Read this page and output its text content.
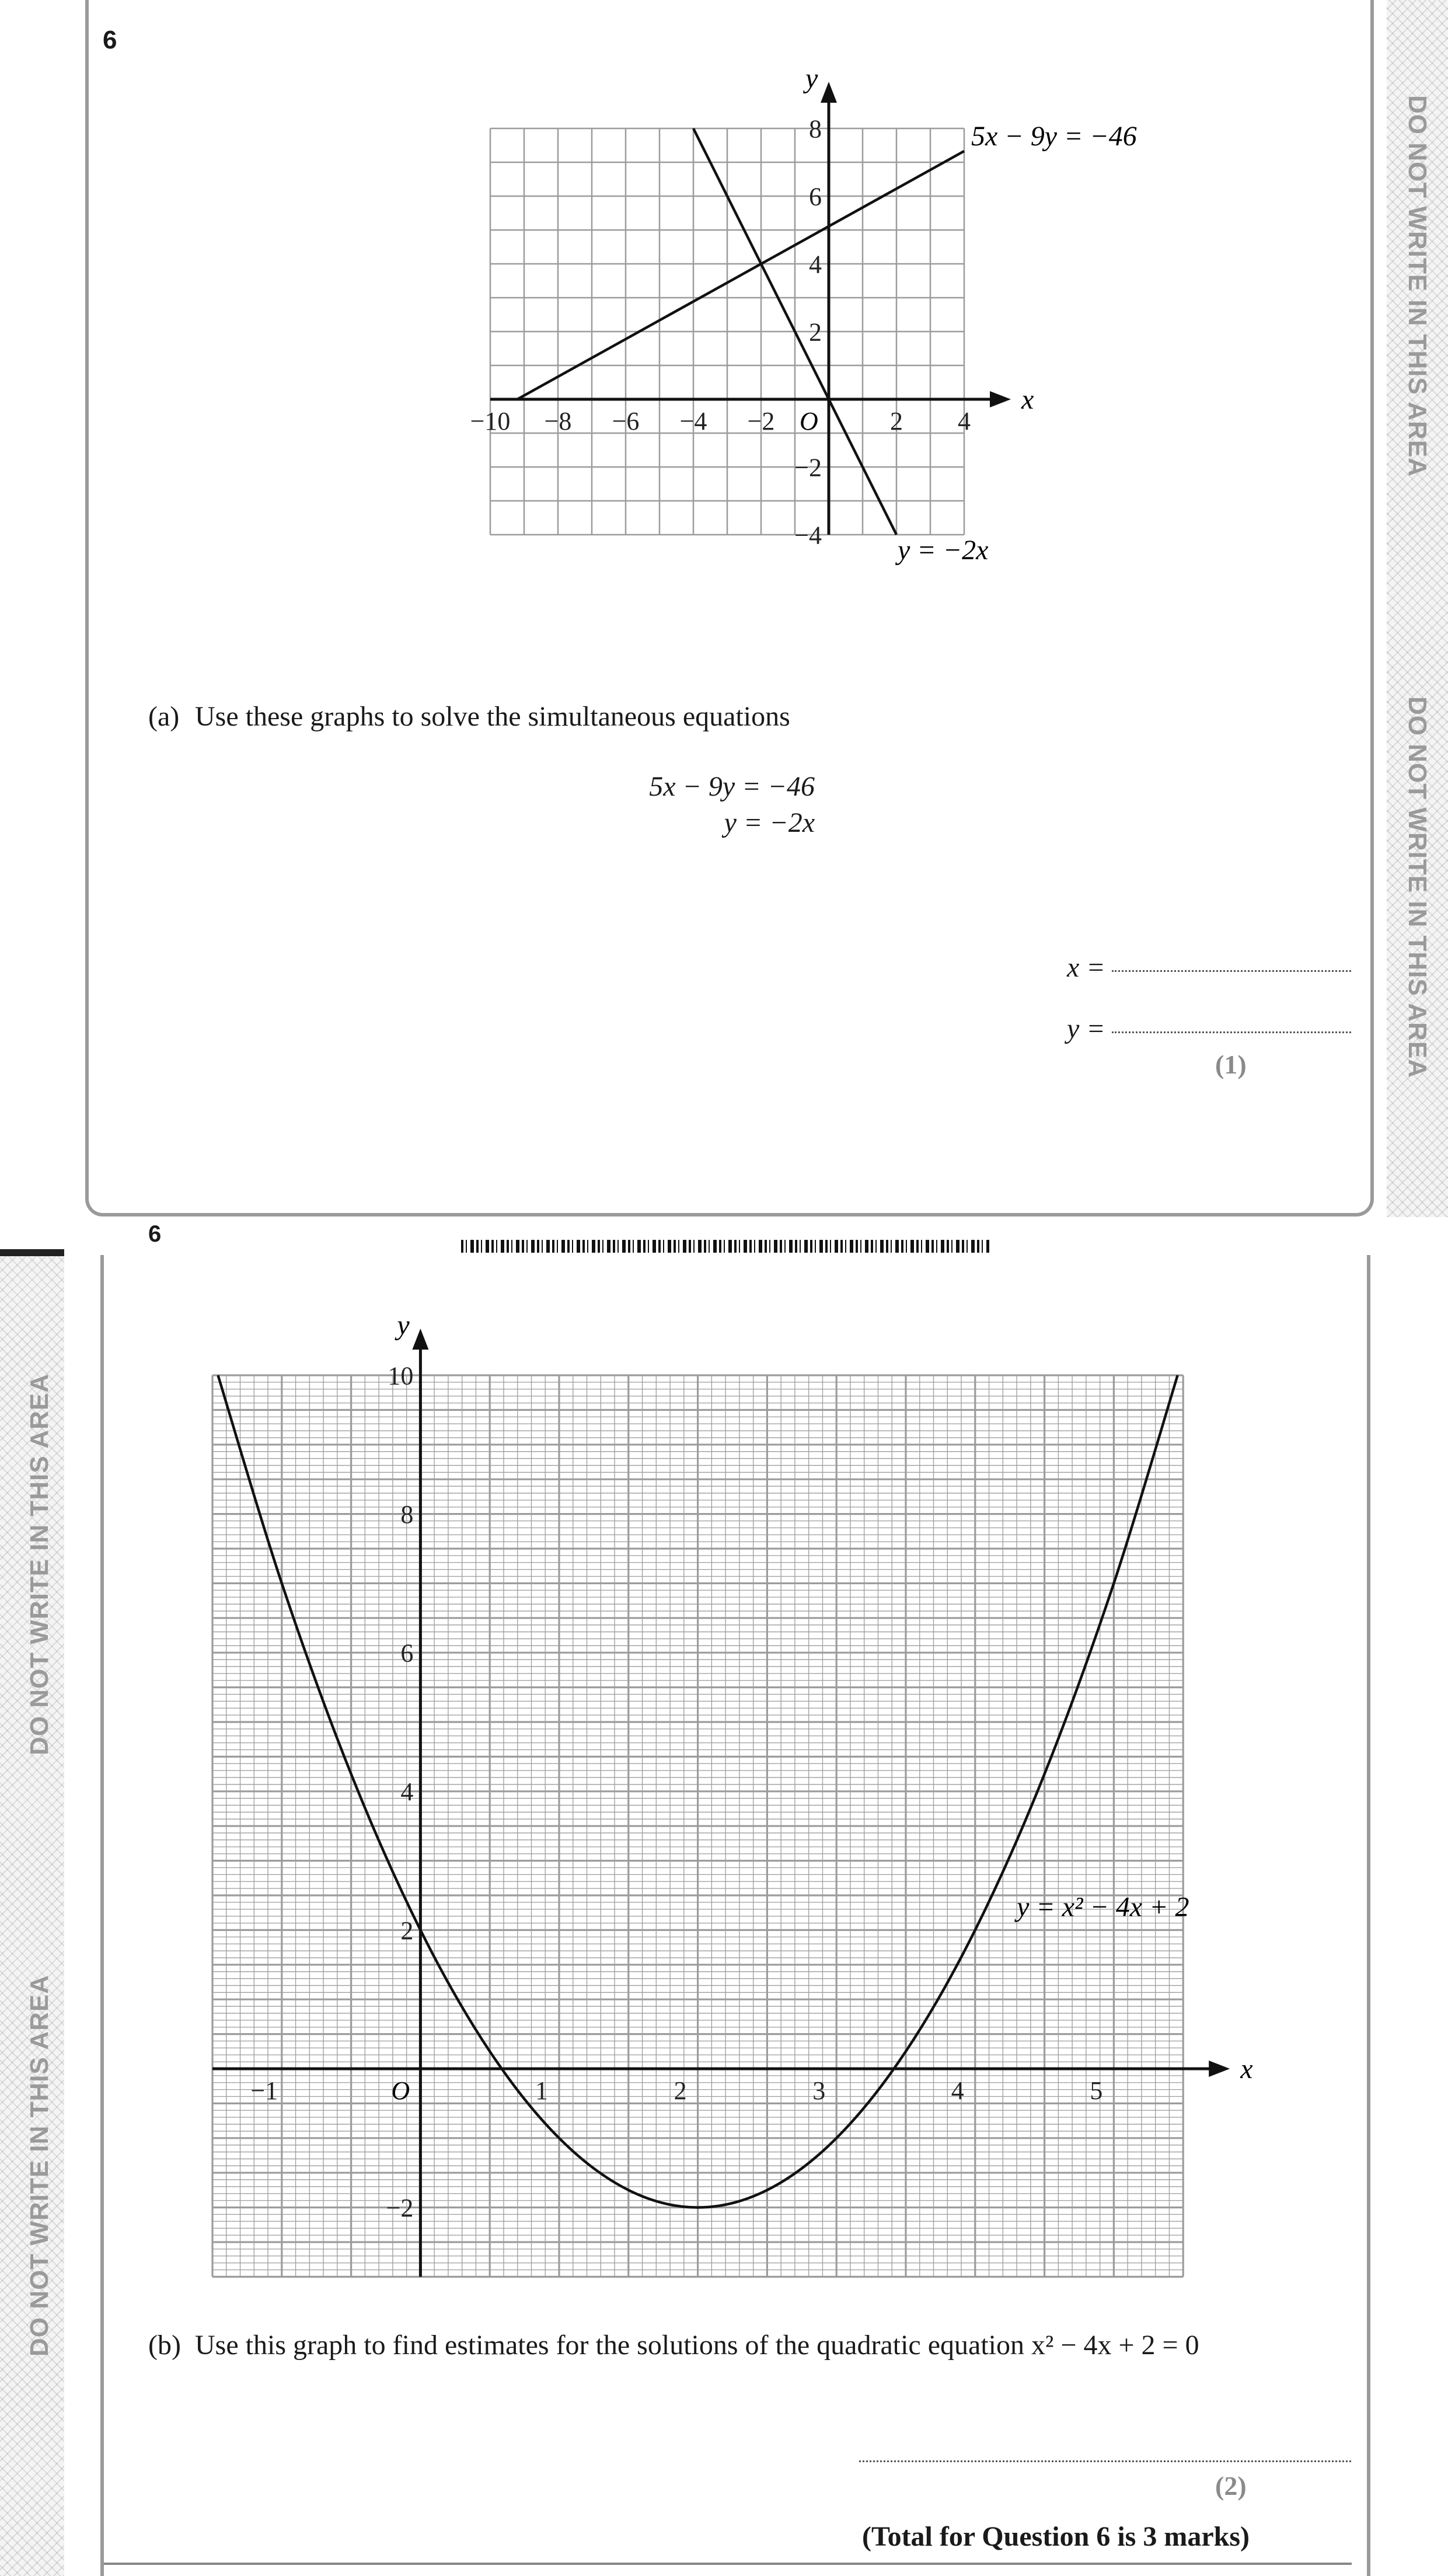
DO NOT WRITE IN THIS AREA
DO NOT WRITE IN THIS AREA
DO NOT WRITE IN THIS AREA
DO NOT WRITE IN THIS AREA
6
6
−10 −8 −6 −4 −2	2 4
8
6
4
2
−2
−4
x
y
O
5x − 9y = −46
y = −2x
(a) Use these graphs to solve the simultaneous equations
5x − 9y = −46
y = −2x
x =
y =
(1)
−1	1	2	3	4	5
10
8
6
4
2
−2
x
y
O
y = x² − 4x + 2
(b) Use this graph to find estimates for the solutions of the quadratic equation x² − 4x + 2 = 0
(2)
(Total for Question 6 is 3 marks)
